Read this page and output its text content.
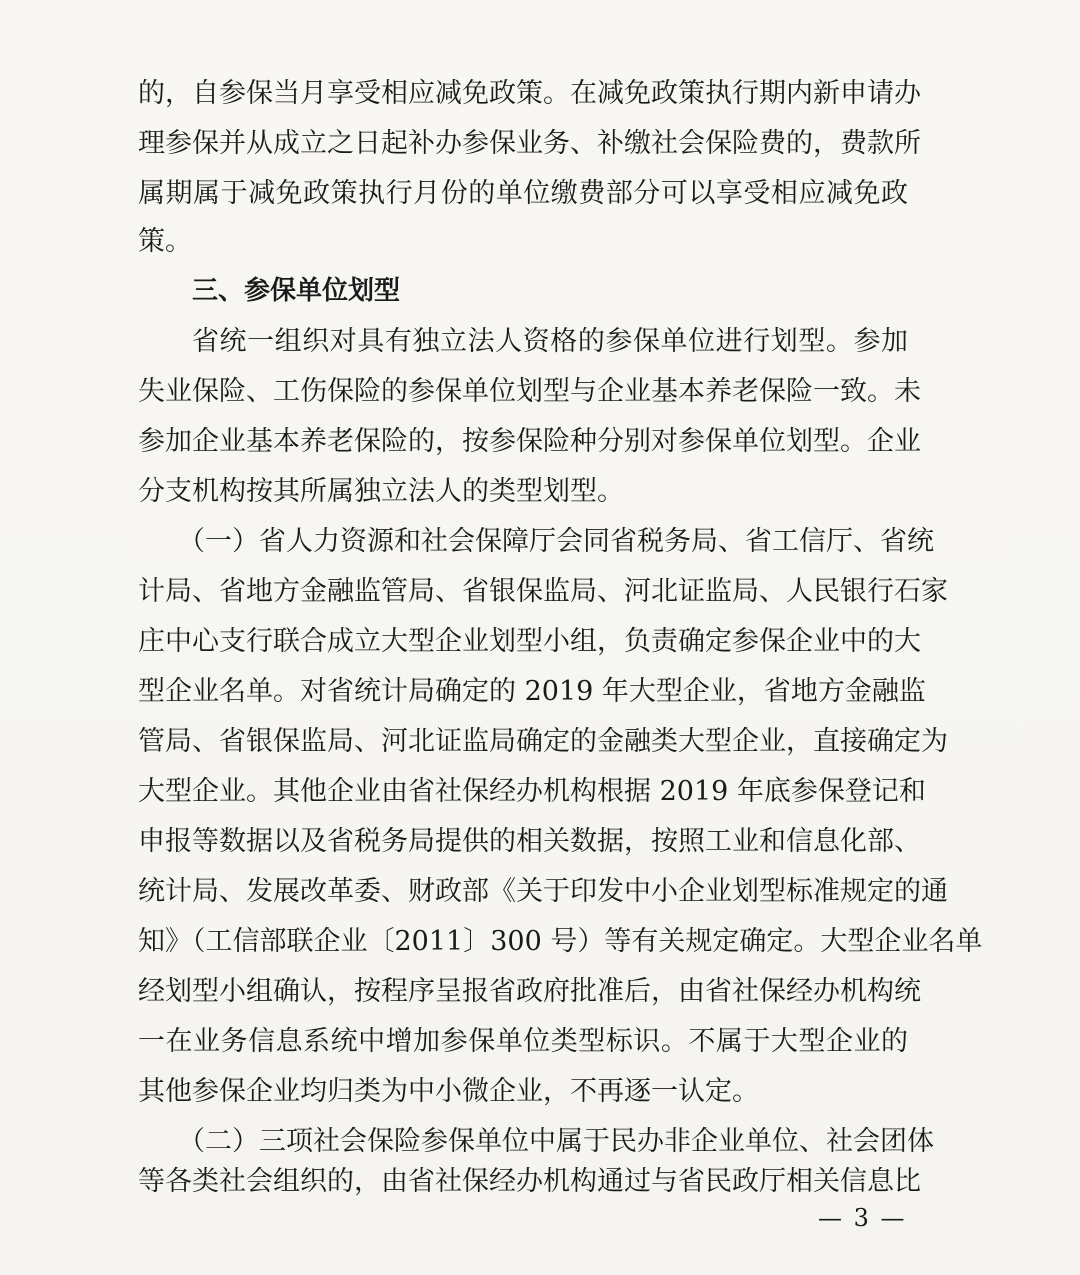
的，自参保当月享受相应减免政策。在减免政策执行期内新申请办
理参保并从成立之日起补办参保业务、补缴社会保险费的，费款所
属期属于减免政策执行月份的单位缴费部分可以享受相应减免政
策。
三、参保单位划型
省统一组织对具有独立法人资格的参保单位进行划型。参加
失业保险、工伤保险的参保单位划型与企业基本养老保险一致。未
参加企业基本养老保险的，按参保险种分别对参保单位划型。企业
分支机构按其所属独立法人的类型划型。
（一）省人力资源和社会保障厅会同省税务局、省工信厅、省统
计局、省地方金融监管局、省银保监局、河北证监局、人民银行石家
庄中心支行联合成立大型企业划型小组，负责确定参保企业中的大
型企业名单。对省统计局确定的 2019 年大型企业，省地方金融监
管局、省银保监局、河北证监局确定的金融类大型企业，直接确定为
大型企业。其他企业由省社保经办机构根据 2019 年底参保登记和
申报等数据以及省税务局提供的相关数据，按照工业和信息化部、
统计局、发展改革委、财政部《关于印发中小企业划型标准规定的通
知》（工信部联企业〔2011〕300 号）等有关规定确定。大型企业名单
经划型小组确认，按程序呈报省政府批准后，由省社保经办机构统
一在业务信息系统中增加参保单位类型标识。不属于大型企业的
其他参保企业均归类为中小微企业，不再逐一认定。
（二）三项社会保险参保单位中属于民办非企业单位、社会团体
等各类社会组织的，由省社保经办机构通过与省民政厅相关信息比
— 3 —
